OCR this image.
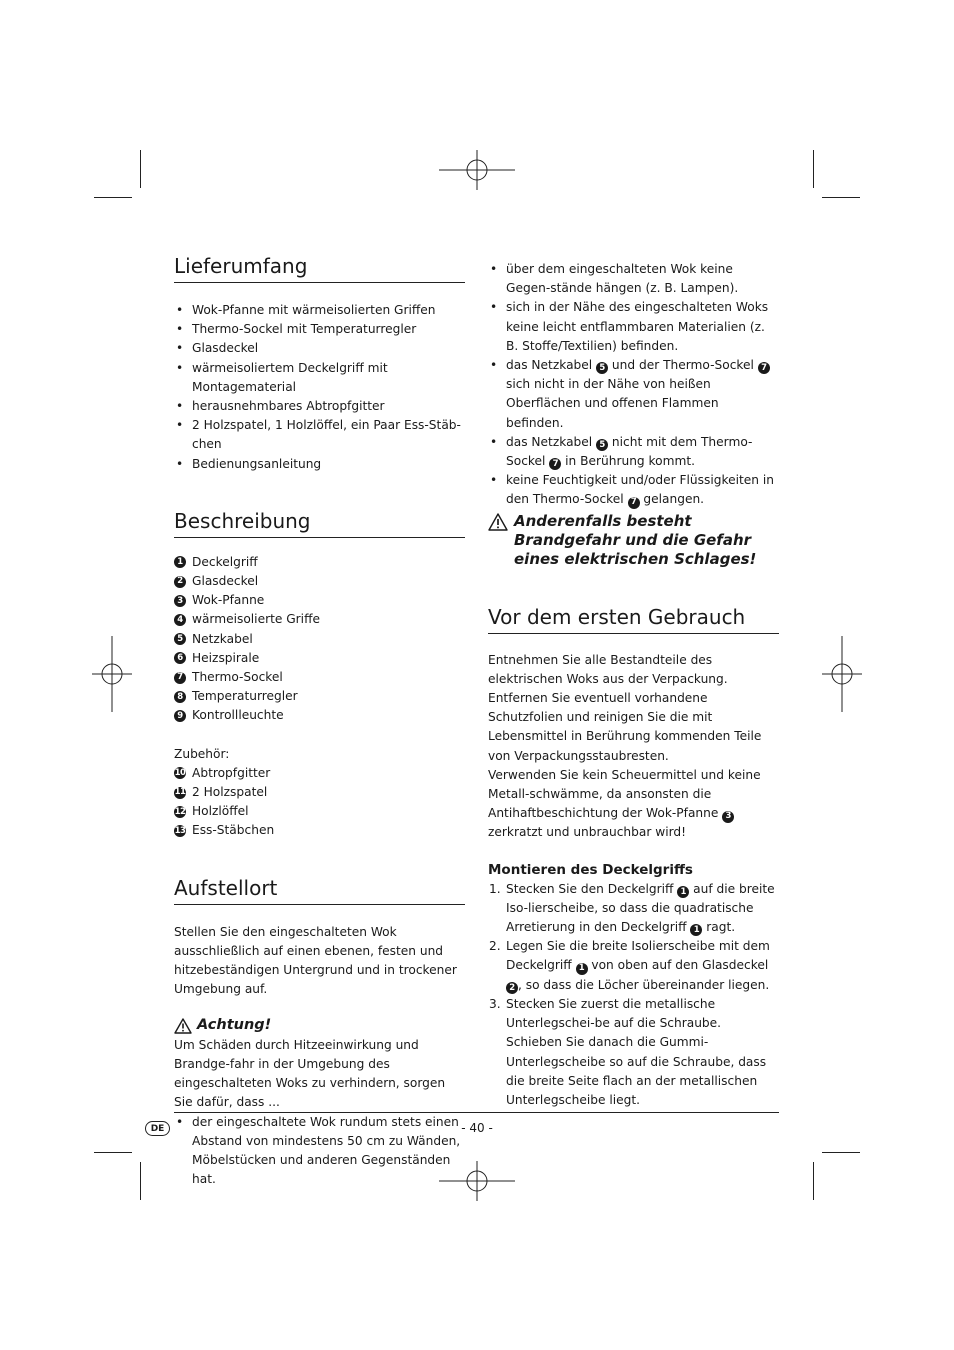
Lieferumfang
• Wok-Pfanne mit wärmeisolierten Griffen
• Thermo-Sockel mit Temperaturregler
• Glasdeckel
• wärmeisoliertem Deckelgriff mit Montagematerial
• herausnehmbares Abtropfgitter
• 2 Holzspatel, 1 Holzlöffel, ein Paar Ess-Stäb-chen
• Bedienungsanleitung
Beschreibung
1 Deckelgriff
2 Glasdeckel
3 Wok-Pfanne
4 wärmeisolierte Griffe
5 Netzkabel
6 Heizspirale
7 Thermo-Sockel
8 Temperaturregler
9 Kontrollleuchte

Zubehör:

10 Abtropfgitter
11 2 Holzspatel
12 Holzlöffel
13 Ess-Stäbchen
Aufstellort

Stellen Sie den eingeschalteten Wok ausschließlich auf einen ebenen, festen und hitzebeständigen Untergrund und in trockener Umgebung auf.

Achtung!

Um Schäden durch Hitzeeinwirkung und Brandge-fahr in der Umgebung des eingeschalteten Woks zu verhindern, sorgen Sie dafür, dass ...

• der eingeschaltete Wok rundum stets einen Abstand von mindestens 50 cm zu Wänden, Möbelstücken und anderen Gegenständen hat.
• über dem eingeschalteten Wok keine Gegen-stände hängen (z. B. Lampen).
• sich in der Nähe des eingeschalteten Woks keine leicht entflammbaren Materialien (z. B. Stoffe/Textilien) befinden.
• das Netzkabel 5 und der Thermo-Sockel 7 sich nicht in der Nähe von heißen Oberflächen und offenen Flammen befinden.
• das Netzkabel 5 nicht mit dem Thermo-Sockel 7 in Berührung kommt.
• keine Feuchtigkeit und/oder Flüssigkeiten in den Thermo-Sockel 7 gelangen.
Anderenfalls besteht Brandgefahr und die Gefahr eines elektrischen Schlages!
Vor dem ersten Gebrauch

Entnehmen Sie alle Bestandteile des elektrischen Woks aus der Verpackung. Entfernen Sie eventuell vorhandene Schutzfolien und reinigen Sie die mit Lebensmittel in Berührung kommenden Teile von Verpackungsstaubresten.

Verwenden Sie kein Scheuermittel und keine Metall-schwämme, da ansonsten die Antihaftbeschichtung der Wok-Pfanne 3 zerkratzt und unbrauchbar wird!

Montieren des Deckelgriffs
1. Stecken Sie den Deckelgriff 1 auf die breite Iso-lierscheibe, so dass die quadratische Arretierung in den Deckelgriff 1 ragt.
2. Legen Sie die breite Isolierscheibe mit dem Deckelgriff 1 von oben auf den Glasdeckel 2 , so dass die Löcher übereinander liegen.
3. Stecken Sie zuerst die metallische Unterlegschei-be auf die Schraube. Schieben Sie danach die Gummi-Unterlegscheibe so auf die Schraube, dass die breite Seite flach an der metallischen Unterlegscheibe liegt.
DE	- 40 -
